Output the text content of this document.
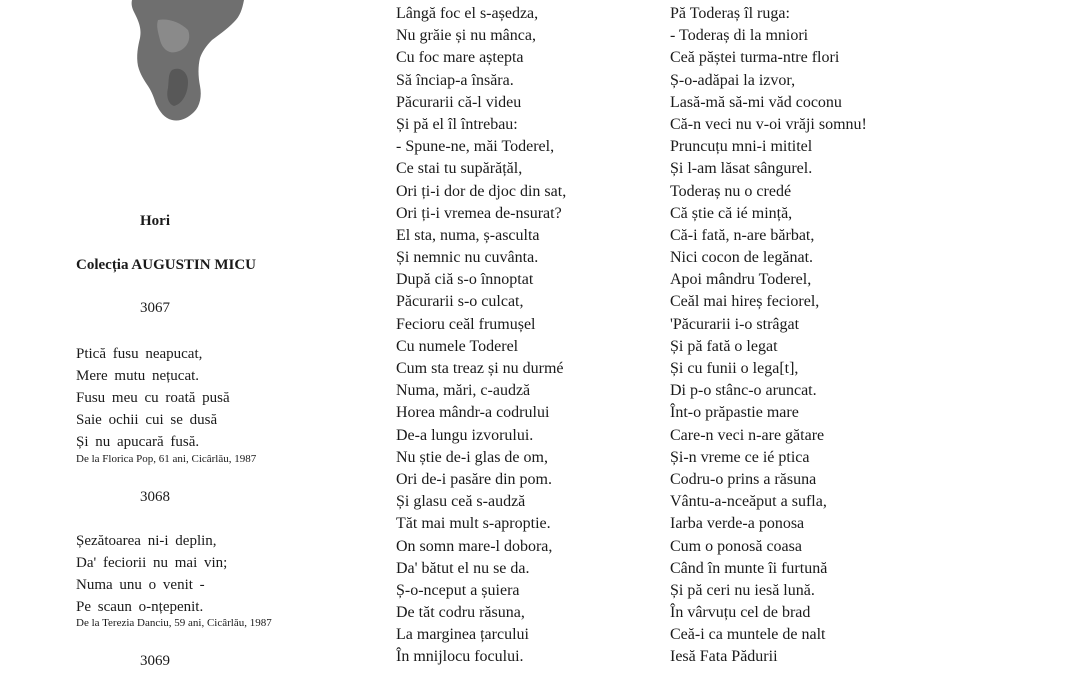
Hori
Colecția AUGUSTIN MICU
3067
Ptică fusu neapucat,
Mere mutu nețucat.
Fusu meu cu roată pusă
Saie ochii cui se dusă
Și nu apucară fusă.
De la Florica Pop, 61 ani, Cicârlău, 1987
3068
Șezătoarea ni-i deplin,
Da' feciorii nu mai vin;
Numa unu o venit -
Pe scaun o-nțepenit.
De la Terezia Danciu, 59 ani, Cicârlău, 1987
3069
Lângă foc el s-aședza,
Nu grăie și nu mânca,
Cu foc mare aștepta
Să înciap-a însăra.
Păcurarii că-l videu
Și pă el îl întrebau:
- Spune-ne, măi Toderel,
Ce stai tu supărățăl,
Ori ți-i dor de djoc din sat,
Ori ți-i vremea de-nsurat?
El sta, numa, ș-asculta
Și nemnic nu cuvânta.
După ciă s-o înnoptat
Păcurarii s-o culcat,
Fecioru ceăl frumușel
Cu numele Toderel
Cum sta treaz și nu durmé
Numa, mări, c-audză
Horea mândr-a codrului
De-a lungu izvorului.
Nu știe de-i glas de om,
Ori de-i pasăre din pom.
Și glasu ceă s-audză
Tăt mai mult s-aproptie.
On somn mare-l dobora,
Da' bătut el nu se da.
Ș-o-nceput a șuiera
De tăt codru răsuna,
La marginea țarcului
În mnijlocu focului.
Pă Toderaș îl ruga:
- Toderaș di la mniori
Ceă păștei turma-ntre flori
Ș-o-adăpai la izvor,
Lasă-mă să-mi văd coconu
Că-n veci nu v-oi vrăji somnu!
Pruncuțu mni-i mititel
Și l-am lăsat sângurel.
Toderaș nu o credé
Că știe că ié mință,
Că-i fată, n-are bărbat,
Nici cocon de legănat.
Apoi mândru Toderel,
Ceăl mai hireș feciorel,
'Păcurarii i-o strâgat
Și pă fată o legat
Și cu funii o lega[t],
Di p-o stânc-o aruncat.
Înt-o prăpastie mare
Care-n veci n-are gătare
Și-n vreme ce ié ptica
Codru-o prins a răsuna
Vântu-a-nceăput a sufla,
Iarba verde-a ponosa
Cum o ponosă coasa
Când în munte îi furtună
Și pă ceri nu iesă lună.
În vârvuțu cel de brad
Ceă-i ca muntele de nalt
Iesă Fata Pădurii
